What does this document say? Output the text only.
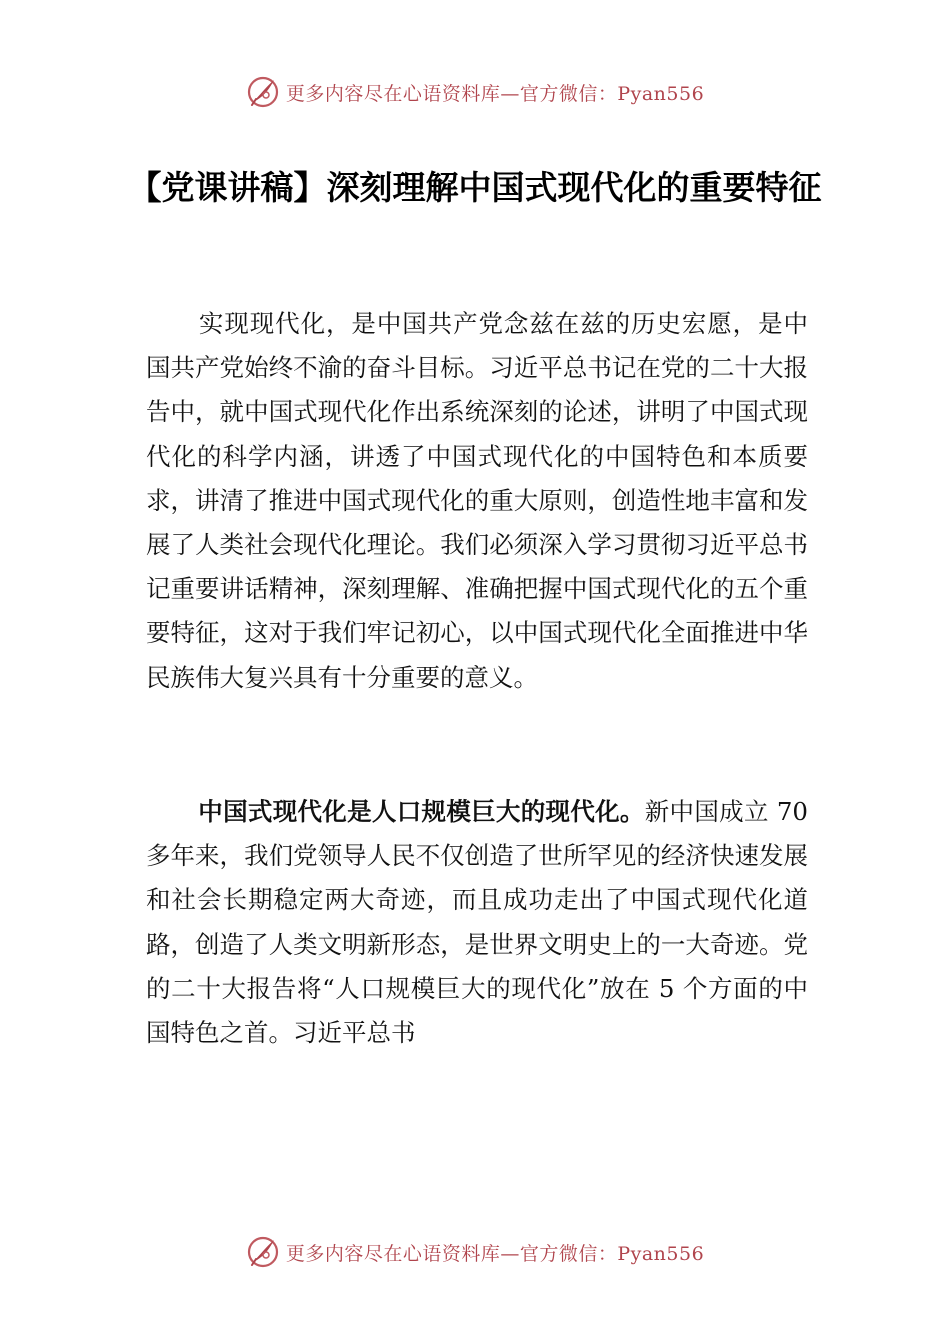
更多内容尽在心语资料库—官方微信：Pyan556
【党课讲稿】深刻理解中国式现代化的重要特征

实现现代化，是中国共产党念兹在兹的历史宏愿，是中国共产党始终不渝的奋斗目标。习近平总书记在党的二十大报告中，就中国式现代化作出系统深刻的论述，讲明了中国式现代化的科学内涵，讲透了中国式现代化的中国特色和本质要求，讲清了推进中国式现代化的重大原则，创造性地丰富和发展了人类社会现代化理论。我们必须深入学习贯彻习近平总书记重要讲话精神，深刻理解、准确把握中国式现代化的五个重要特征，这对于我们牢记初心，以中国式现代化全面推进中华民族伟大复兴具有十分重要的意义。

中国式现代化是人口规模巨大的现代化。新中国成立 70 多年来，我们党领导人民不仅创造了世所罕见的经济快速发展和社会长期稳定两大奇迹，而且成功走出了中国式现代化道路，创造了人类文明新形态，是世界文明史上的一大奇迹。党的二十大报告将“人口规模巨大的现代化”放在 5 个方面的中国特色之首。习近平总书

更多内容尽在心语资料库—官方微信：Pyan556
